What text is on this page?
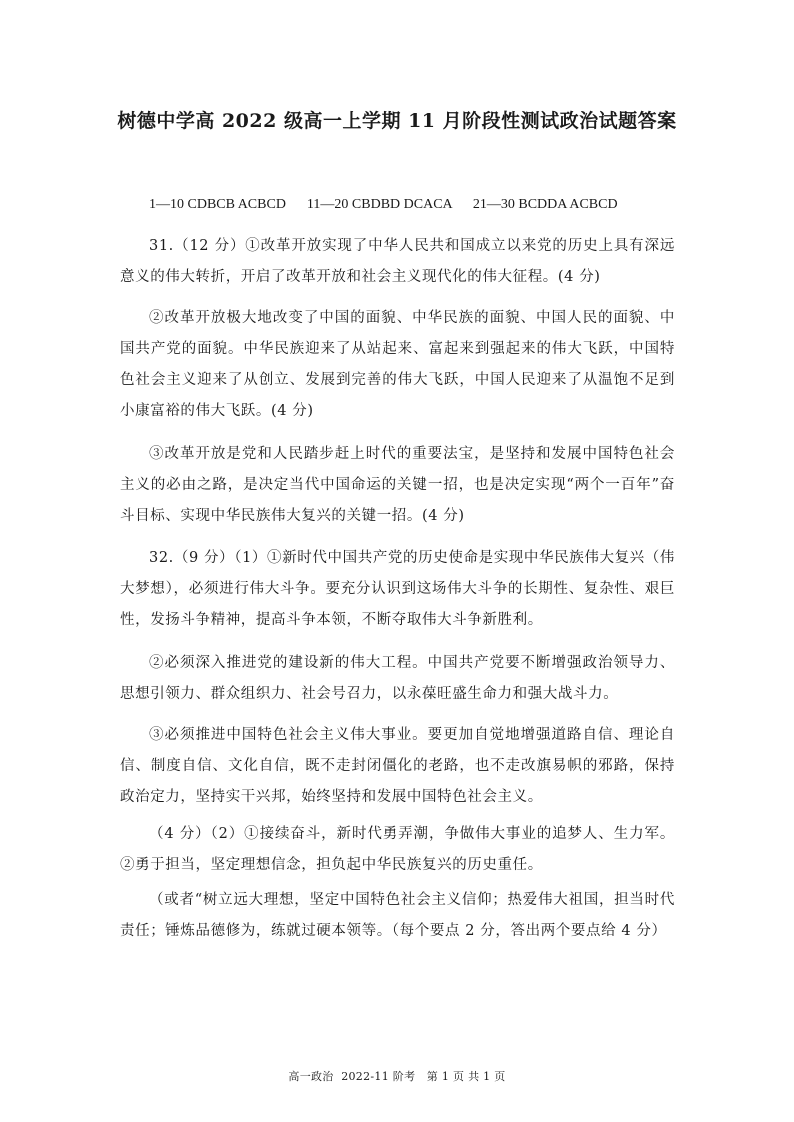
树德中学高 2022 级高一上学期 11 月阶段性测试政治试题答案
1—10 CDBCB ACBCD      11—20 CBDBD DCACA      21—30 BCDDA ACBCD
31.（12 分）①改革开放实现了中华人民共和国成立以来党的历史上具有深远意义的伟大转折，开启了改革开放和社会主义现代化的伟大征程。(4 分)
②改革开放极大地改变了中国的面貌、中华民族的面貌、中国人民的面貌、中国共产党的面貌。中华民族迎来了从站起来、富起来到强起来的伟大飞跃，中国特色社会主义迎来了从创立、发展到完善的伟大飞跃，中国人民迎来了从温饱不足到小康富裕的伟大飞跃。(4 分)
③改革开放是党和人民踏步赶上时代的重要法宝，是坚持和发展中国特色社会主义的必由之路，是决定当代中国命运的关键一招，也是决定实现“两个一百年”奋斗目标、实现中华民族伟大复兴的关键一招。(4 分)
32.（9 分）（1）①新时代中国共产党的历史使命是实现中华民族伟大复兴（伟大梦想），必须进行伟大斗争。要充分认识到这场伟大斗争的长期性、复杂性、艰巨性，发扬斗争精神，提高斗争本领，不断夺取伟大斗争新胜利。
②必须深入推进党的建设新的伟大工程。中国共产党要不断增强政治领导力、思想引领力、群众组织力、社会号召力，以永葆旺盛生命力和强大战斗力。
③必须推进中国特色社会主义伟大事业。要更加自觉地增强道路自信、理论自信、制度自信、文化自信，既不走封闭僵化的老路，也不走改旗易帜的邪路，保持政治定力，坚持实干兴邦，始终坚持和发展中国特色社会主义。
（4 分）（2）①接续奋斗，新时代勇弄潮，争做伟大事业的追梦人、生力军。②勇于担当，坚定理想信念，担负起中华民族复兴的历史重任。
（或者“树立远大理想，坚定中国特色社会主义信仰；热爱伟大祖国，担当时代责任；锤炼品德修为，练就过硬本领等。（每个要点 2 分，答出两个要点给 4 分）
高一政治  2022-11 阶考   第 1 页 共 1 页
